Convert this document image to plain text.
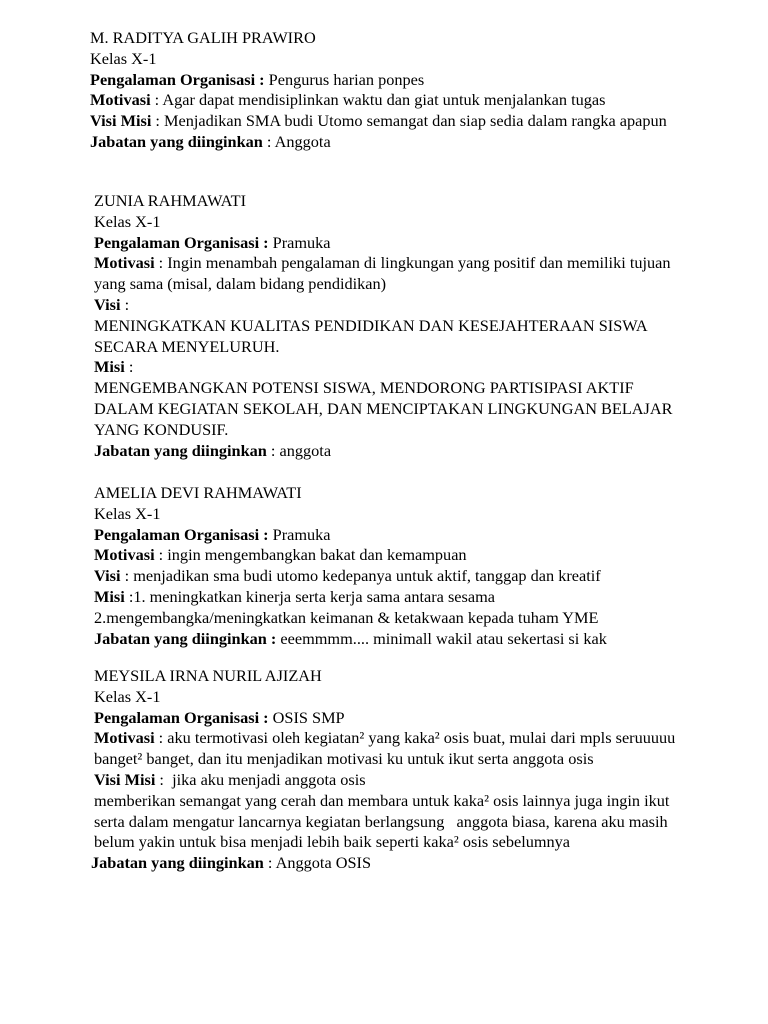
M. RADITYA GALIH PRAWIRO

Kelas X-1

Pengalaman Organisasi : Pengurus harian ponpes

Motivasi : Agar dapat mendisiplinkan waktu dan giat untuk menjalankan tugas

Visi Misi : Menjadikan SMA budi Utomo semangat dan siap sedia dalam rangka apapun

Jabatan yang diinginkan : Anggota

ZUNIA RAHMAWATI

Kelas X-1

Pengalaman Organisasi : Pramuka

Motivasi : Ingin menambah pengalaman di lingkungan yang positif dan memiliki tujuan yang sama (misal, dalam bidang pendidikan)

Visi :

MENINGKATKAN KUALITAS PENDIDIKAN DAN KESEJAHTERAAN SISWA SECARA MENYELURUH.

Misi :

MENGEMBANGKAN POTENSI SISWA, MENDORONG PARTISIPASI AKTIF DALAM KEGIATAN SEKOLAH, DAN MENCIPTAKAN LINGKUNGAN BELAJAR YANG KONDUSIF.

Jabatan yang diinginkan : anggota

AMELIA DEVI RAHMAWATI

Kelas X-1

Pengalaman Organisasi : Pramuka

Motivasi : ingin mengembangkan bakat dan kemampuan

Visi : menjadikan sma budi utomo kedepanya untuk aktif, tanggap dan kreatif

Misi :1. meningkatkan kinerja serta kerja sama antara sesama

2.mengembangka/meningkatkan keimanan & ketakwaan kepada tuham YME

Jabatan yang diinginkan : eeemmmm.... minimall wakil atau sekertasi si kak

MEYSILA IRNA NURIL AJIZAH

Kelas X-1

Pengalaman Organisasi : OSIS SMP

Motivasi : aku termotivasi oleh kegiatan² yang kaka² osis buat, mulai dari mpls seruuuuu banget² banget, dan itu menjadikan motivasi ku untuk ikut serta anggota osis

Visi Misi :  jika aku menjadi anggota osis

memberikan semangat yang cerah dan membara untuk kaka² osis lainnya juga ingin ikut serta dalam mengatur lancarnya kegiatan berlangsung   anggota biasa, karena aku masih belum yakin untuk bisa menjadi lebih baik seperti kaka² osis sebelumnya

Jabatan yang diinginkan : Anggota OSIS
